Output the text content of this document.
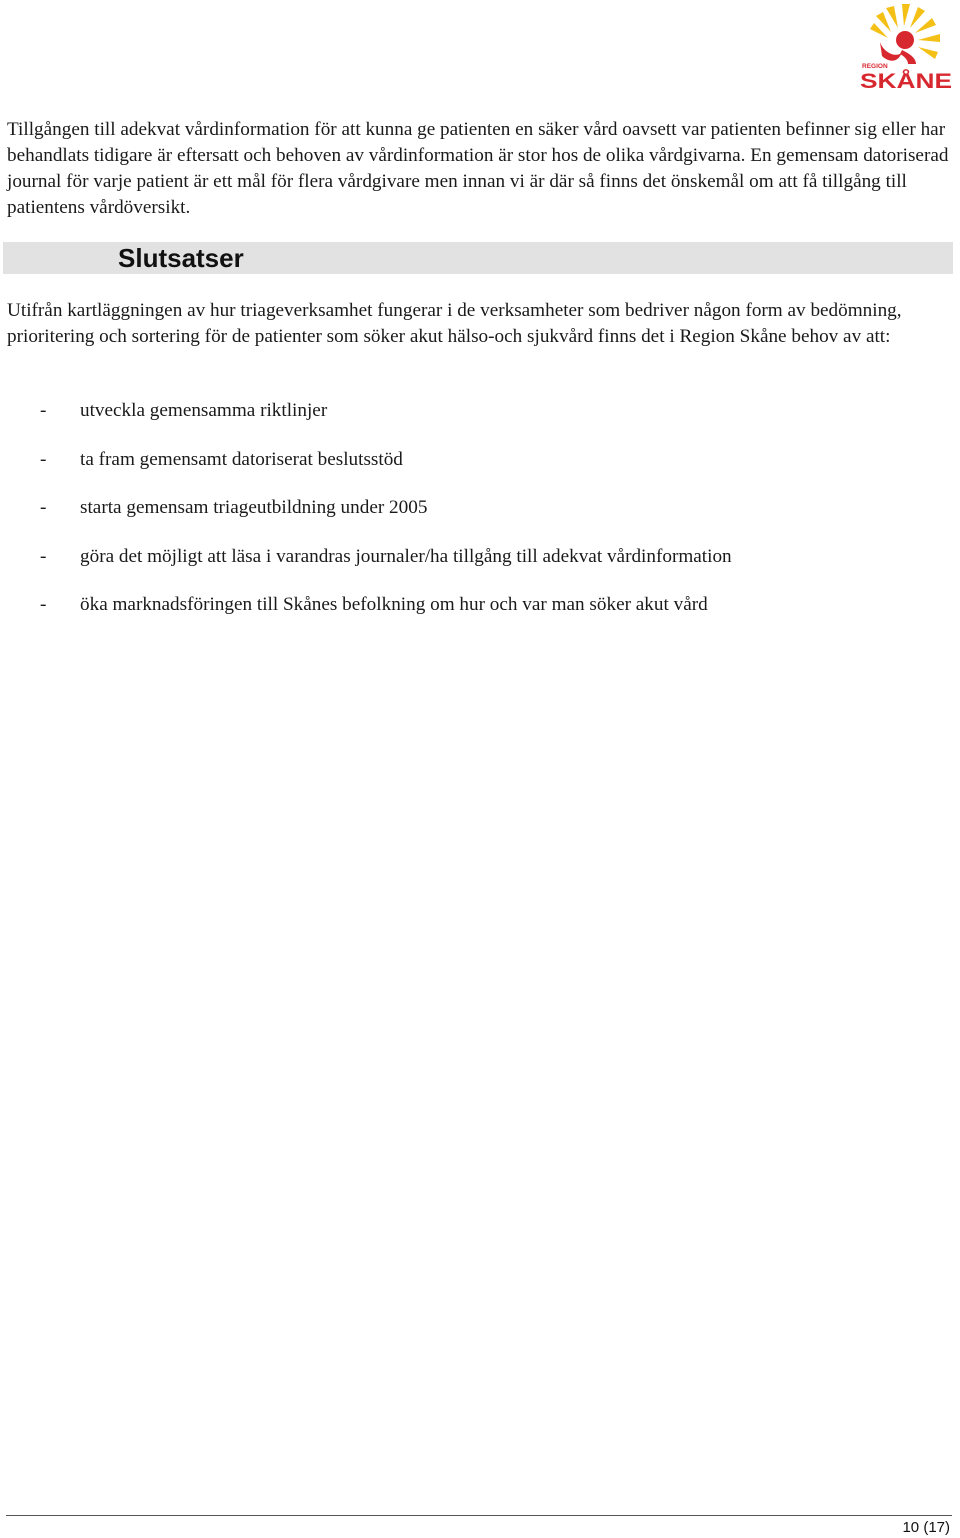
REGION
SKÅNE

Tillgången till adekvat vårdinformation för att kunna ge patienten en säker vård oavsett var patienten befinner sig eller har behandlats tidigare är eftersatt och behoven av vårdinformation är stor hos de olika vårdgivarna. En gemensam datoriserad journal för varje patient är ett mål för flera vårdgivare men innan vi är där så finns det önskemål om att få tillgång till patientens vårdöversikt.

Slutsatser

Utifrån kartläggningen av hur triageverksamhet fungerar i de verksamheter som bedriver någon form av bedömning, prioritering och sortering för de patienter som söker akut hälso-och sjukvård finns det i Region Skåne behov av att:

- utveckla gemensamma riktlinjer
- ta fram gemensamt datoriserat beslutsstöd
- starta gemensam triageutbildning under 2005
- göra det möjligt att läsa i varandras journaler/ha tillgång till adekvat vårdinformation
- öka marknadsföringen till Skånes befolkning om hur och var man söker akut vård
10 (17)
